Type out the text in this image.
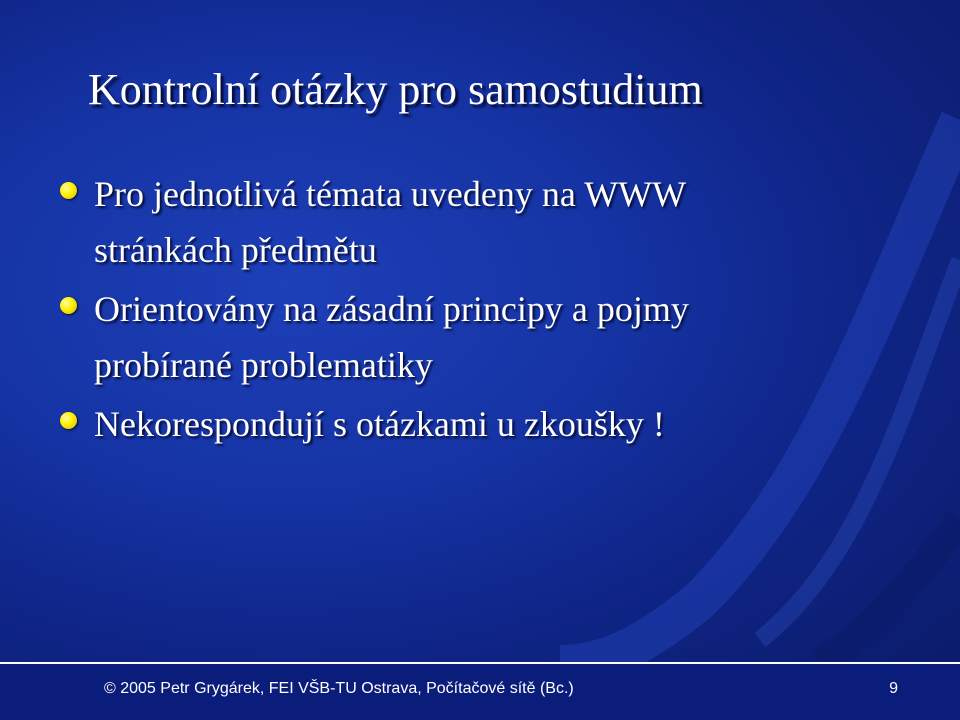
Kontrolní otázky pro samostudium
Pro jednotlivá témata uvedeny na WWW
stránkách předmětu
Orientovány na zásadní principy a pojmy
probírané problematiky
Nekorespondují s otázkami u zkoušky !
© 2005 Petr Grygárek, FEI VŠB-TU Ostrava, Počítačové sítě (Bc.)	9
